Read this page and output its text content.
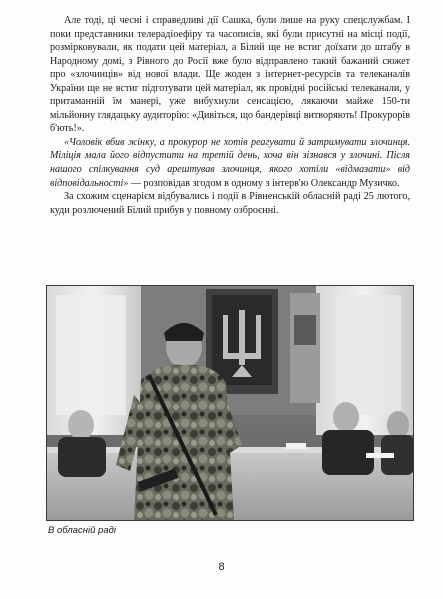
Але тоді, ці чесні і справедливі дії Сашка, були лише на руку спецслужбам. І поки представники телерадіоефіру та часописів, які були присутні на місці події, розмірковували, як подати цей матеріал, а Білий ще не встиг доїхати до штабу в Народному домі, з Рівного до Росії вже було відправлено такий бажаний сюжет про «злочинців» від нової влади. Ще жоден з інтернет-ресурсів та телеканалів України ще не встиг підготувати цей матеріал, як провідні російські телеканали, у притаманній їм манері, уже вибухнули сенсацією, лякаючи майже 150-ти мільйонну глядацьку аудиторію: «Дивіться, що бандерівці витворяють! Прокурорів б'ють!».

«Чоловік вбив жінку, а прокурор не хотів реагувати й затримувати злочинця. Міліція мала його відпустити на третій день, хоча він зізнався у злочині. Після нашого спілкування суд арештував злочинця, якого хотіли «відмазати» від відповідальності» — розповідав згодом в одному з інтерв'ю Олександр Музичко.

За схожим сценарієм відбувались і події в Рівненській обласній раді 25 лютого, куди розлючений Білий прибув у повному озброєнні.

В обласній раді
8
